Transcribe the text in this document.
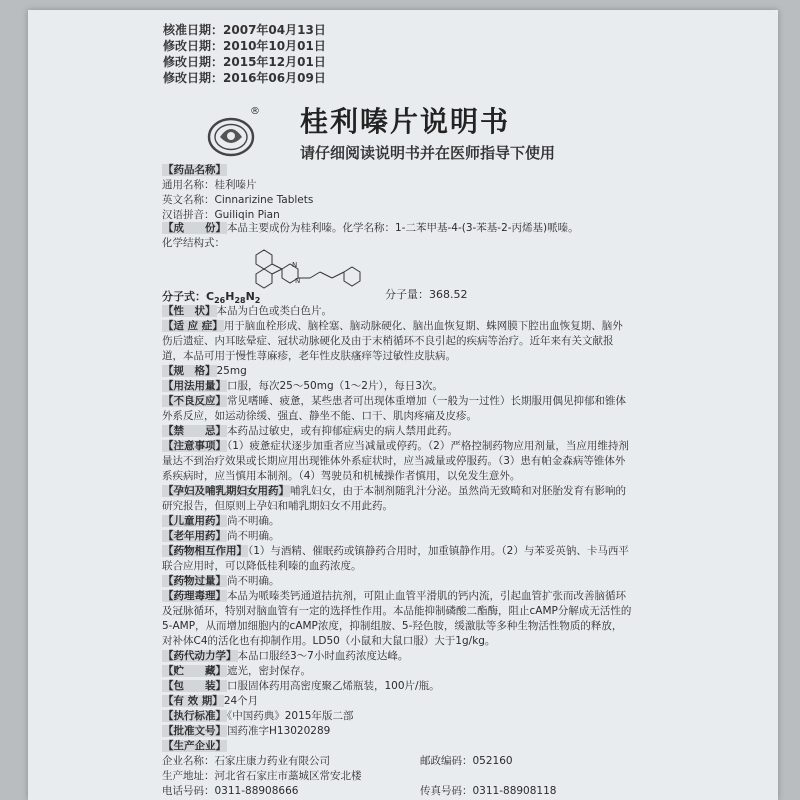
核准日期：2007年04月13日
修改日期：2010年10月01日
修改日期：2015年12月01日
修改日期：2016年06月09日
® 桂利嗪片说明书
请仔细阅读说明书并在医师指导下使用
【药品名称】
通用名称：桂利嗪片
英文名称：Cinnarizine Tablets
汉语拼音：Guiliqin Pian
【成　　份】本品主要成份为桂利嗪。化学名称：1-二苯甲基-4-(3-苯基-2-丙烯基)哌嗪。
化学结构式：
N
N
分子式：$C_{26}H_{28}N_2$	分子量：368.52
【性　状】本品为白色或类白色片。
【适 应 症】用于脑血栓形成、脑栓塞、脑动脉硬化、脑出血恢复期、蛛网膜下腔出血恢复期、脑外伤后遗症、内耳眩晕症、冠状动脉硬化及由于末梢循环不良引起的疾病等治疗。近年来有关文献报道，本品可用于慢性荨麻疹，老年性皮肤瘙痒等过敏性皮肤病。
【规　格】25mg
【用法用量】口服，每次25～50mg（1～2片），每日3次。
【不良反应】常见嗜睡、疲惫，某些患者可出现体重增加（一般为一过性）长期服用偶见抑郁和锥体外系反应，如运动徐缓、强直、静坐不能、口干、肌肉疼痛及皮疹。
【禁　　忌】本药品过敏史，或有抑郁症病史的病人禁用此药。
【注意事项】（1）疲惫症状逐步加重者应当减量或停药。（2）严格控制药物应用剂量，当应用维持剂量达不到治疗效果或长期应用出现锥体外系症状时，应当减量或停服药。（3）患有帕金森病等锥体外系疾病时，应当慎用本制剂。（4）驾驶员和机械操作者慎用，以免发生意外。
【孕妇及哺乳期妇女用药】哺乳妇女，由于本制剂随乳汁分泌。虽然尚无致畸和对胚胎发育有影响的研究报告，但原则上孕妇和哺乳期妇女不用此药。
【儿童用药】尚不明确。
【老年用药】尚不明确。
【药物相互作用】（1）与酒精、催眠药或镇静药合用时，加重镇静作用。（2）与苯妥英钠、卡马西平联合应用时，可以降低桂利嗪的血药浓度。
【药物过量】尚不明确。
【药理毒理】本品为哌嗪类钙通道拮抗剂，可阻止血管平滑肌的钙内流，引起血管扩张而改善脑循环及冠脉循环，特别对脑血管有一定的选择性作用。本品能抑制磷酸二酯酶，阻止cAMP分解成无活性的5-AMP，从而增加细胞内的cAMP浓度，抑制组胺、5-羟色胺，缓激肽等多种生物活性物质的释放，对补体C4的活化也有抑制作用。LD50（小鼠和大鼠口服）大于1g/kg。
【药代动力学】本品口服经3～7小时血药浓度达峰。
【贮　　藏】遮光，密封保存。
【包　　装】口服固体药用高密度聚乙烯瓶装，100片/瓶。
【有 效 期】24个月
【执行标准】《中国药典》2015年版二部
【批准文号】国药准字H13020289
【生产企业】
企业名称：石家庄康力药业有限公司
生产地址：河北省石家庄市藁城区常安北楼
电话号码：0311-88908666
邮政编码：052160
传真号码：0311-88908118
